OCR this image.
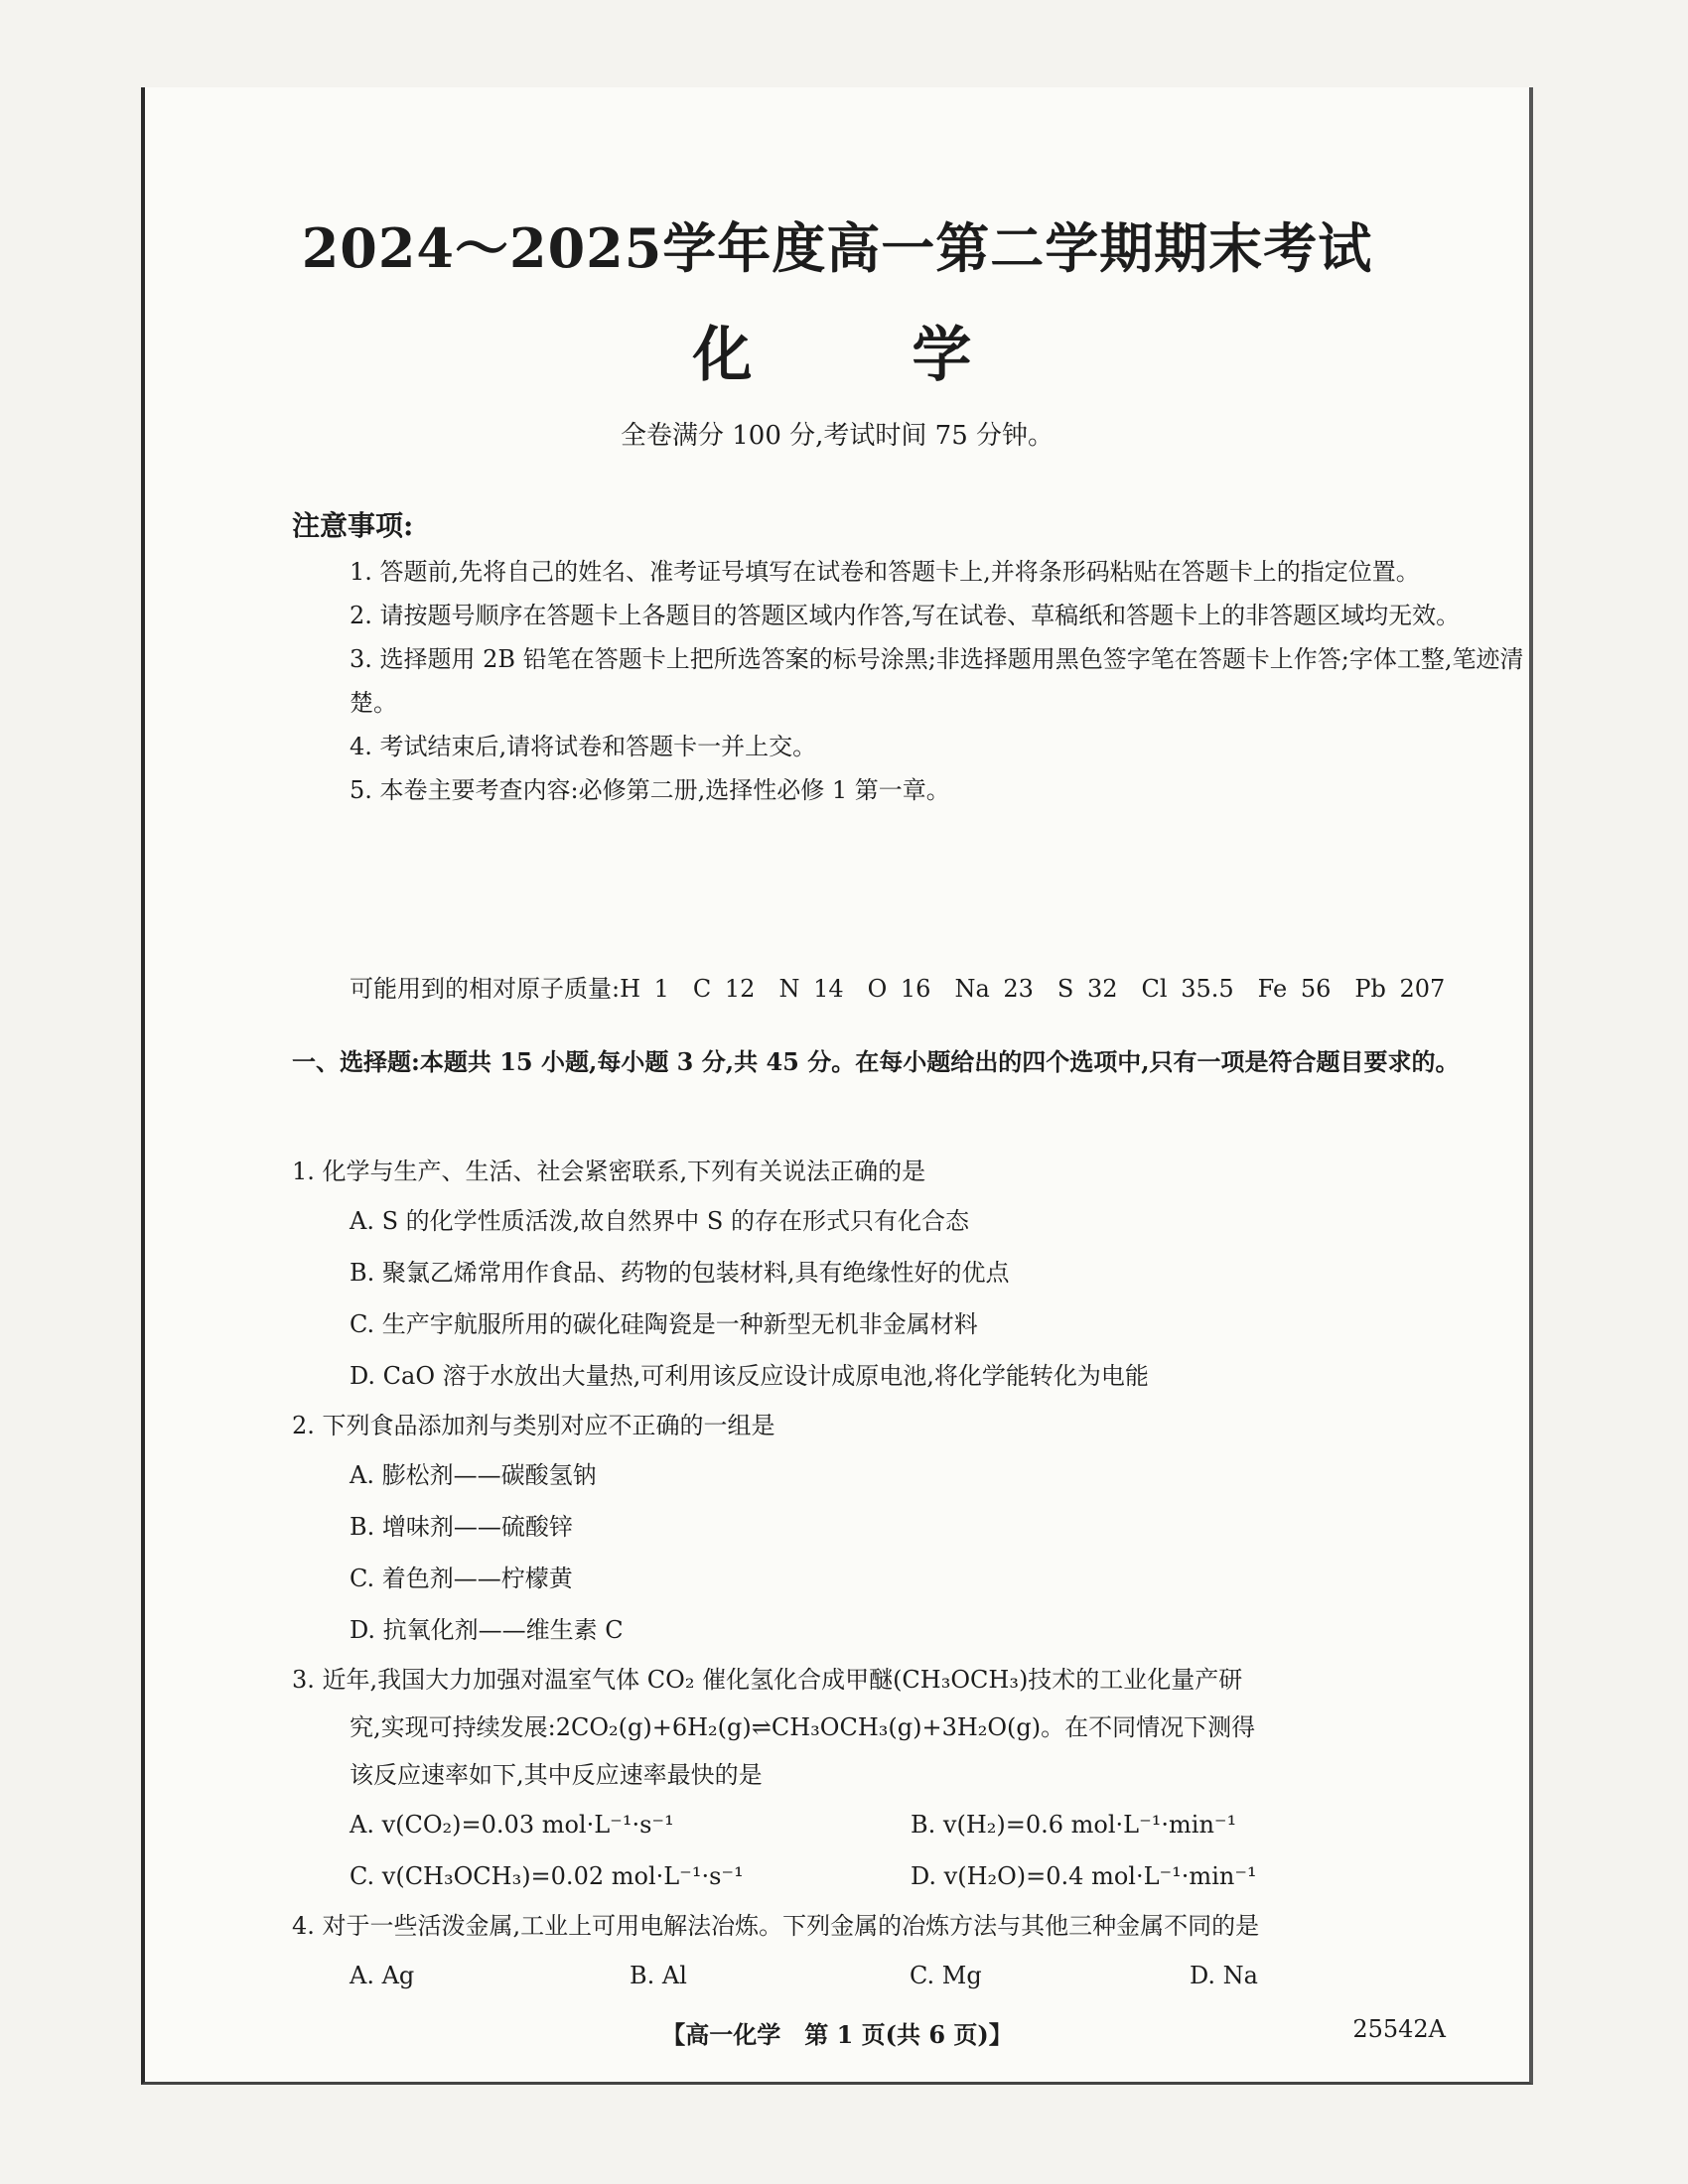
2024～2025学年度高一第二学期期末考试
化 学
全卷满分 100 分,考试时间 75 分钟。
注意事项:
1. 答题前,先将自己的姓名、准考证号填写在试卷和答题卡上,并将条形码粘贴在答题卡上的指定位置。
2. 请按题号顺序在答题卡上各题目的答题区域内作答,写在试卷、草稿纸和答题卡上的非答题区域均无效。
3. 选择题用 2B 铅笔在答题卡上把所选答案的标号涂黑;非选择题用黑色签字笔在答题卡上作答;字体工整,笔迹清楚。
4. 考试结束后,请将试卷和答题卡一并上交。
5. 本卷主要考查内容:必修第二册,选择性必修 1 第一章。
可能用到的相对原子质量:H 1　C 12　N 14　O 16　Na 23　S 32　Cl 35.5　Fe 56　Pb 207
一、选择题:本题共 15 小题,每小题 3 分,共 45 分。在每小题给出的四个选项中,只有一项是符合题目要求的。
1. 化学与生产、生活、社会紧密联系,下列有关说法正确的是
A. S 的化学性质活泼,故自然界中 S 的存在形式只有化合态
B. 聚氯乙烯常用作食品、药物的包装材料,具有绝缘性好的优点
C. 生产宇航服所用的碳化硅陶瓷是一种新型无机非金属材料
D. CaO 溶于水放出大量热,可利用该反应设计成原电池,将化学能转化为电能
2. 下列食品添加剂与类别对应不正确的一组是
A. 膨松剂——碳酸氢钠
B. 增味剂——硫酸锌
C. 着色剂——柠檬黄
D. 抗氧化剂——维生素 C
3. 近年,我国大力加强对温室气体 CO₂ 催化氢化合成甲醚(CH₃OCH₃)技术的工业化量产研
究,实现可持续发展:2CO₂(g)+6H₂(g)⇌CH₃OCH₃(g)+3H₂O(g)。在不同情况下测得
该反应速率如下,其中反应速率最快的是
A. v(CO₂)=0.03 mol·L⁻¹·s⁻¹	B. v(H₂)=0.6 mol·L⁻¹·min⁻¹
C. v(CH₃OCH₃)=0.02 mol·L⁻¹·s⁻¹	D. v(H₂O)=0.4 mol·L⁻¹·min⁻¹
4. 对于一些活泼金属,工业上可用电解法冶炼。下列金属的冶炼方法与其他三种金属不同的是
A. Ag	B. Al	C. Mg	D. Na
【高一化学　第 1 页(共 6 页)】	25542A
